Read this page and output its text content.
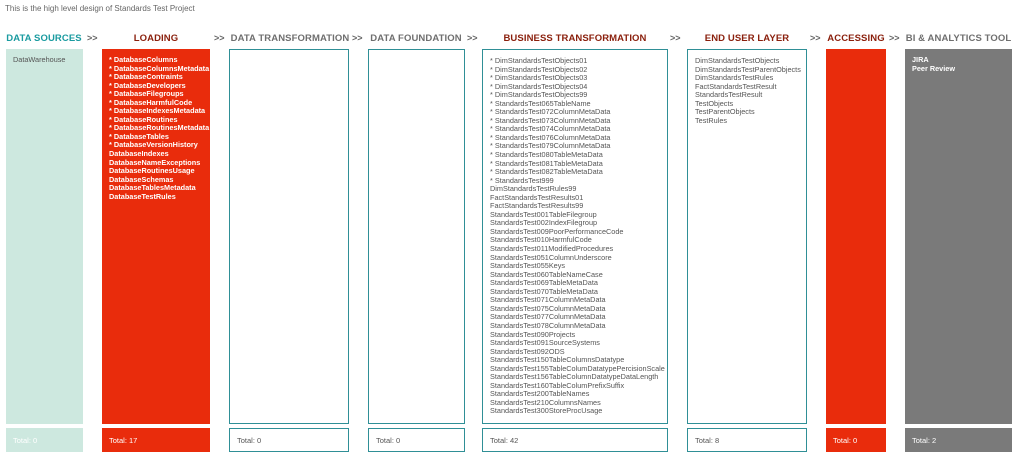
This is the high level design of Standards Test Project
DATA SOURCES >>
DataWarehouse
Total: 0
LOADING	>>
* DatabaseColumns
* DatabaseColumnsMetadata
* DatabaseContraints
* DatabaseDevelopers
* DatabaseFilegroups
* DatabaseHarmfulCode
* DatabaseIndexesMetadata
* DatabaseRoutines
* DatabaseRoutinesMetadata
* DatabaseTables
* DatabaseVersionHistory
DatabaseIndexes
DatabaseNameExceptions
DatabaseRoutinesUsage
DatabaseSchemas
DatabaseTablesMetadata
DatabaseTestRules
Total: 17
DATA TRANSFORMATION >>
Total: 0
DATA FOUNDATION >>
Total: 0
BUSINESS TRANSFORMATION	>>
* DimStandardsTestObjects01
* DimStandardsTestObjects02
* DimStandardsTestObjects03
* DimStandardsTestObjects04
* DimStandardsTestObjects99
* StandardsTest065TableName
* StandardsTest072ColumnMetaData
* StandardsTest073ColumnMetaData
* StandardsTest074ColumnMetaData
* StandardsTest076ColumnMetaData
* StandardsTest079ColumnMetaData
* StandardsTest080TableMetaData
* StandardsTest081TableMetaData
* StandardsTest082TableMetaData
* StandardsTest999
DimStandardsTestRules99
FactStandardsTestResults01
FactStandardsTestResults99
StandardsTest001TableFilegroup
StandardsTest002IndexFilegroup
StandardsTest009PoorPerformanceCode
StandardsTest010HarmfulCode
StandardsTest011ModifiedProcedures
StandardsTest051ColumnUnderscore
StandardsTest055Keys
StandardsTest060TableNameCase
StandardsTest069TableMetaData
StandardsTest070TableMetaData
StandardsTest071ColumnMetaData
StandardsTest075ColumnMetaData
StandardsTest077ColumnMetaData
StandardsTest078ColumnMetaData
StandardsTest090Projects
StandardsTest091SourceSystems
StandardsTest092ODS
StandardsTest150TableColumnsDatatype
StandardsTest155TableColumDatatypePercisionScale
StandardsTest156TableColumnDatatypeDataLength
StandardsTest160TableColumPrefixSuffix
StandardsTest200TableNames
StandardsTest210ColumnsNames
StandardsTest300StoreProcUsage
Total: 42
END USER LAYER	>>
DimStandardsTestObjects
DimStandardsTestParentObjects
DimStandardsTestRules
FactStandardsTestResult
StandardsTestResult
TestObjects
TestParentObjects
TestRules
Total: 8
ACCESSING >>
Total: 0
BI & ANALYTICS TOOL
JIRA
Peer Review
Total: 2
